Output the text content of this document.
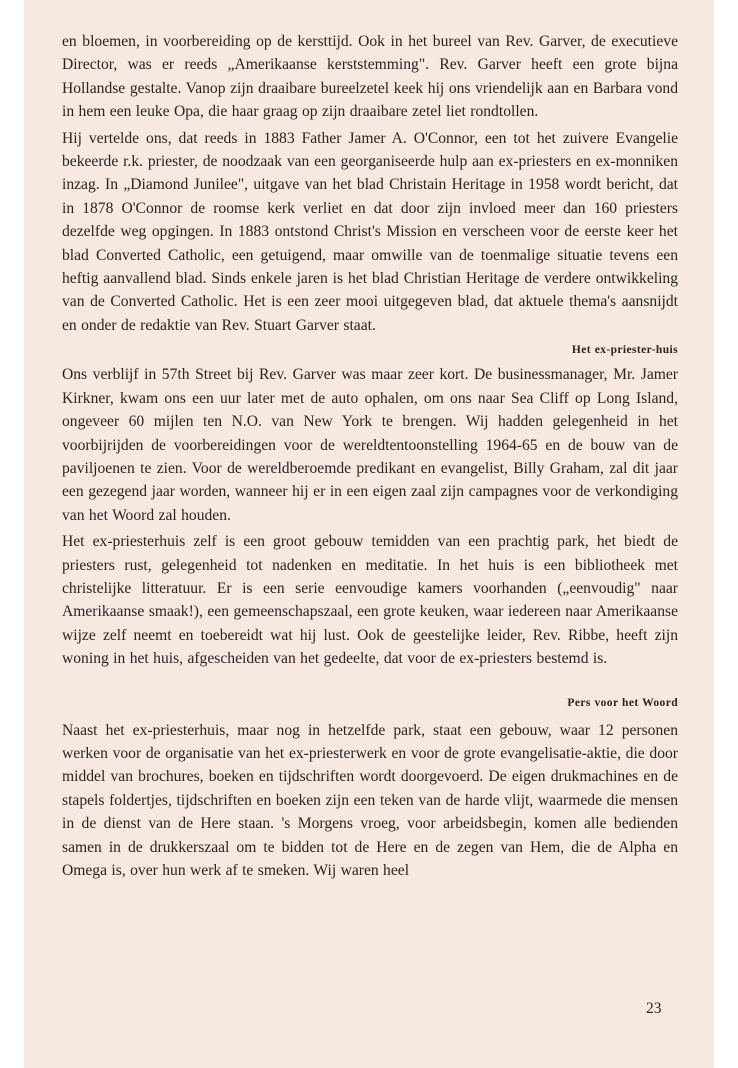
en bloemen, in voorbereiding op de kersttijd. Ook in het bureel van Rev. Garver, de executieve Director, was er reeds „Amerikaanse kerststemming". Rev. Garver heeft een grote bijna Hollandse gestalte. Vanop zijn draaibare bureelzetel keek hij ons vriendelijk aan en Barbara vond in hem een leuke Opa, die haar graag op zijn draaibare zetel liet rondtollen.

Hij vertelde ons, dat reeds in 1883 Father Jamer A. O'Connor, een tot het zuivere Evangelie bekeerde r.k. priester, de noodzaak van een georganiseerde hulp aan ex-priesters en ex-monniken inzag. In „Diamond Junilee", uitgave van het blad Christain Heritage in 1958 wordt bericht, dat in 1878 O'Connor de roomse kerk verliet en dat door zijn invloed meer dan 160 priesters dezelfde weg opgingen. In 1883 ontstond Christ's Mission en verscheen voor de eerste keer het blad Converted Catholic, een getuigend, maar omwille van de toenmalige situatie tevens een heftig aanvallend blad. Sinds enkele jaren is het blad Christian Heritage de verdere ontwikkeling van de Converted Catholic. Het is een zeer mooi uitgegeven blad, dat aktuele thema's aansnijdt en onder de redaktie van Rev. Stuart Garver staat.

Het ex-priester-huis

Ons verblijf in 57th Street bij Rev. Garver was maar zeer kort. De businessmanager, Mr. Jamer Kirkner, kwam ons een uur later met de auto ophalen, om ons naar Sea Cliff op Long Island, ongeveer 60 mijlen ten N.O. van New York te brengen. Wij hadden gelegenheid in het voorbijrijden de voorbereidingen voor de wereldtentoonstelling 1964-65 en de bouw van de paviljoenen te zien. Voor de wereldberoemde predikant en evangelist, Billy Graham, zal dit jaar een gezegend jaar worden, wanneer hij er in een eigen zaal zijn campagnes voor de verkondiging van het Woord zal houden.

Het ex-priesterhuis zelf is een groot gebouw temidden van een prachtig park, het biedt de priesters rust, gelegenheid tot nadenken en meditatie. In het huis is een bibliotheek met christelijke litteratuur. Er is een serie eenvoudige kamers voorhanden („eenvoudig" naar Amerikaanse smaak!), een gemeenschapszaal, een grote keuken, waar iedereen naar Amerikaanse wijze zelf neemt en toebereidt wat hij lust. Ook de geestelijke leider, Rev. Ribbe, heeft zijn woning in het huis, afgescheiden van het gedeelte, dat voor de ex-priesters bestemd is.

Pers voor het Woord

Naast het ex-priesterhuis, maar nog in hetzelfde park, staat een gebouw, waar 12 personen werken voor de organisatie van het ex-priesterwerk en voor de grote evangelisatie-aktie, die door middel van brochures, boeken en tijdschriften wordt doorgevoerd. De eigen drukmachines en de stapels foldertjes, tijdschriften en boeken zijn een teken van de harde vlijt, waarmede die mensen in de dienst van de Here staan. 's Morgens vroeg, voor arbeidsbegin, komen alle bedienden samen in de drukkerszaal om te bidden tot de Here en de zegen van Hem, die de Alpha en Omega is, over hun werk af te smeken. Wij waren heel

23
